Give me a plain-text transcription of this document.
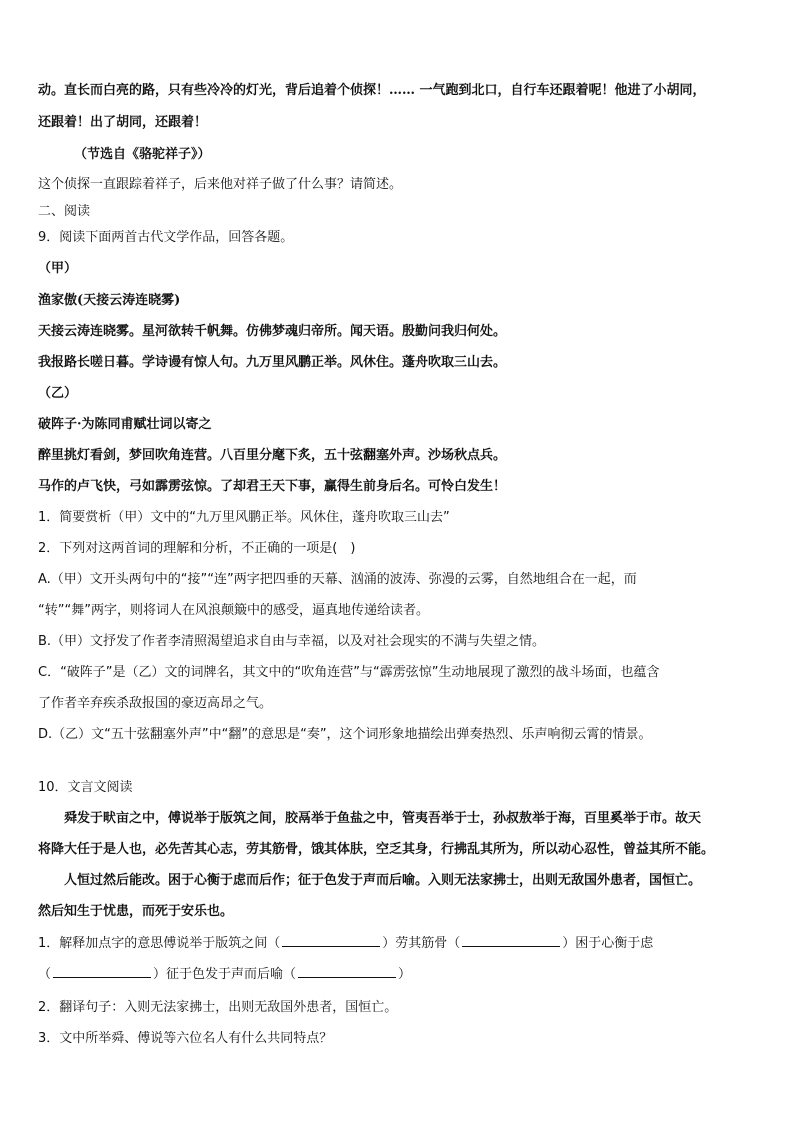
动。直长而白亮的路，只有些冷冷的灯光，背后追着个侦探！…… 一气跑到北口，自行车还跟着呢！他进了小胡同，
还跟着！出了胡同，还跟着！
（节选自《骆驼祥子》）
这个侦探一直跟踪着祥子，后来他对祥子做了什么事？请简述。
二、阅读
9．阅读下面两首古代文学作品，回答各题。
（甲）
渔家傲(天接云涛连晓雾)
天接云涛连晓雾。星河欲转千帆舞。仿佛梦魂归帝所。闻天语。殷勤问我归何处。
我报路长嗟日暮。学诗谩有惊人句。九万里风鹏正举。风休住。蓬舟吹取三山去。
（乙）
破阵子·为陈同甫赋壮词以寄之
醉里挑灯看剑，梦回吹角连营。八百里分麾下炙，五十弦翻塞外声。沙场秋点兵。
马作的卢飞快，弓如霹雳弦惊。了却君王天下事，赢得生前身后名。可怜白发生！
1．简要赏析（甲）文中的“九万里风鹏正举。风休住，蓬舟吹取三山去”
2．下列对这两首词的理解和分析，不正确的一项是(　)
A.（甲）文开头两句中的“接”“连”两字把四垂的天幕、汹涌的波涛、弥漫的云雾，自然地组合在一起，而
“转”“舞”两字，则将词人在风浪颠簸中的感受，逼真地传递给读者。
B.（甲）文抒发了作者李清照渴望追求自由与幸福，以及对社会现实的不满与失望之情。
C．“破阵子”是（乙）文的词牌名，其文中的“吹角连营”与“霹雳弦惊”生动地展现了激烈的战斗场面，也蕴含
了作者辛弃疾杀敌报国的豪迈高昂之气。
D.（乙）文“五十弦翻塞外声”中“翻”的意思是“奏”，这个词形象地描绘出弹奏热烈、乐声响彻云霄的情景。
10．文言文阅读
舜发于畎亩之中，傅说举于版筑之间，胶鬲举于鱼盐之中，管夷吾举于士，孙叔敖举于海，百里奚举于市。故天
将降大任于是人也，必先苦其心志，劳其筋骨，饿其体肤，空乏其身，行拂乱其所为，所以动心忍性，曾益其所不能。
人恒过然后能改。困于心衡于虑而后作；征于色发于声而后喻。入则无法家拂士，出则无敌国外患者，国恒亡。
然后知生于忧患，而死于安乐也。
1．解释加点字的意思傅说举于版筑之间（	）劳其筋骨（	）困于心衡于虑
（	）征于色发于声而后喻（	）
2．翻译句子：入则无法家拂士，出则无敌国外患者，国恒亡。
3．文中所举舜、傅说等六位名人有什么共同特点？
